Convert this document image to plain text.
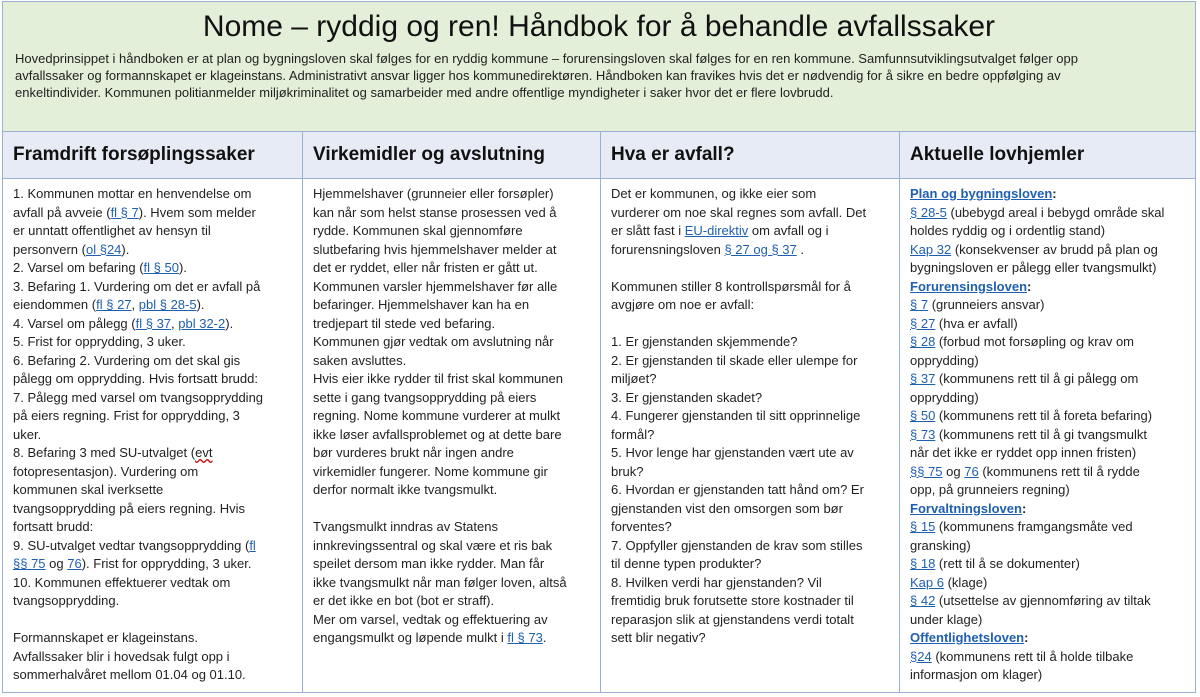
Nome – ryddig og ren! Håndbok for å behandle avfallssaker

Hovedprinsippet i håndboken er at plan og bygningsloven skal følges for en ryddig kommune – forurensingsloven skal følges for en ren kommune. Samfunnsutviklingsutvalget følger opp
avfallssaker og formannskapet er klageinstans. Administrativt ansvar ligger hos kommunedirektøren. Håndboken kan fravikes hvis det er nødvendig for å sikre en bedre oppfølging av
enkeltindivider. Kommunen politianmelder miljøkriminalitet og samarbeider med andre offentlige myndigheter i saker hvor det er flere lovbrudd.

Framdrift forsøplingssaker
1. Kommunen mottar en henvendelse om
avfall på avveie (fl § 7). Hvem som melder
er unntatt offentlighet av hensyn til
personvern (ol §24).
2. Varsel om befaring (fl § 50).
3. Befaring 1. Vurdering om det er avfall på
eiendommen (fl § 27, pbl § 28-5).
4. Varsel om pålegg (fl § 37, pbl 32-2).
5. Frist for opprydding, 3 uker.
6. Befaring 2. Vurdering om det skal gis
pålegg om opprydding. Hvis fortsatt brudd:
7. Pålegg med varsel om tvangsopprydding
på eiers regning. Frist for opprydding, 3
uker.
8. Befaring 3 med SU-utvalget (evt
fotopresentasjon). Vurdering om
kommunen skal iverksette
tvangsopprydding på eiers regning. Hvis
fortsatt brudd:
9. SU-utvalget vedtar tvangsopprydding (fl
§§ 75 og 76). Frist for opprydding, 3 uker.
10. Kommunen effektuerer vedtak om
tvangsopprydding.
Formannskapet er klageinstans.
Avfallssaker blir i hovedsak fulgt opp i
sommerhalvåret mellom 01.04 og 01.10.
Virkemidler og avslutning
Hjemmelshaver (grunneier eller forsøpler)
kan når som helst stanse prosessen ved å
rydde. Kommunen skal gjennomføre
slutbefaring hvis hjemmelshaver melder at
det er ryddet, eller når fristen er gått ut.
Kommunen varsler hjemmelshaver før alle
befaringer. Hjemmelshaver kan ha en
tredjepart til stede ved befaring.
Kommunen gjør vedtak om avslutning når
saken avsluttes.
Hvis eier ikke rydder til frist skal kommunen
sette i gang tvangsopprydding på eiers
regning. Nome kommune vurderer at mulkt
ikke løser avfallsproblemet og at dette bare
bør vurderes brukt når ingen andre
virkemidler fungerer. Nome kommune gir
derfor normalt ikke tvangsmulkt.
Tvangsmulkt inndras av Statens
innkrevingssentral og skal være et ris bak
speilet dersom man ikke rydder. Man får
ikke tvangsmulkt når man følger loven, altså
er det ikke en bot (bot er straff).
Mer om varsel, vedtak og effektuering av
engangsmulkt og løpende mulkt i fl § 73.
Hva er avfall?
Det er kommunen, og ikke eier som
vurderer om noe skal regnes som avfall. Det
er slått fast i EU-direktiv om avfall og i
forurensningsloven § 27 og § 37 .
Kommunen stiller 8 kontrollspørsmål for å
avgjøre om noe er avfall:
1. Er gjenstanden skjemmende?
2. Er gjenstanden til skade eller ulempe for
miljøet?
3. Er gjenstanden skadet?
4. Fungerer gjenstanden til sitt opprinnelige
formål?
5. Hvor lenge har gjenstanden vært ute av
bruk?
6. Hvordan er gjenstanden tatt hånd om? Er
gjenstanden vist den omsorgen som bør
forventes?
7. Oppfyller gjenstanden de krav som stilles
til denne typen produkter?
8. Hvilken verdi har gjenstanden? Vil
fremtidig bruk forutsette store kostnader til
reparasjon slik at gjenstandens verdi totalt
sett blir negativ?
Aktuelle lovhjemler
Plan og bygningsloven:
§ 28-5 (ubebygd areal i bebygd område skal
holdes ryddig og i ordentlig stand)
Kap 32 (konsekvenser av brudd på plan og
bygningsloven er pålegg eller tvangsmulkt)
Forurensingsloven:
§ 7 (grunneiers ansvar)
§ 27 (hva er avfall)
§ 28 (forbud mot forsøpling og krav om
opprydding)
§ 37 (kommunens rett til å gi pålegg om
opprydding)
§ 50 (kommunens rett til å foreta befaring)
§ 73 (kommunens rett til å gi tvangsmulkt
når det ikke er ryddet opp innen fristen)
§§ 75 og 76 (kommunens rett til å rydde
opp, på grunneiers regning)
Forvaltningsloven:
§ 15 (kommunens framgangsmåte ved
gransking)
§ 18 (rett til å se dokumenter)
Kap 6 (klage)
§ 42 (utsettelse av gjennomføring av tiltak
under klage)
Offentlighetsloven:
§24 (kommunens rett til å holde tilbake
informasjon om klager)
